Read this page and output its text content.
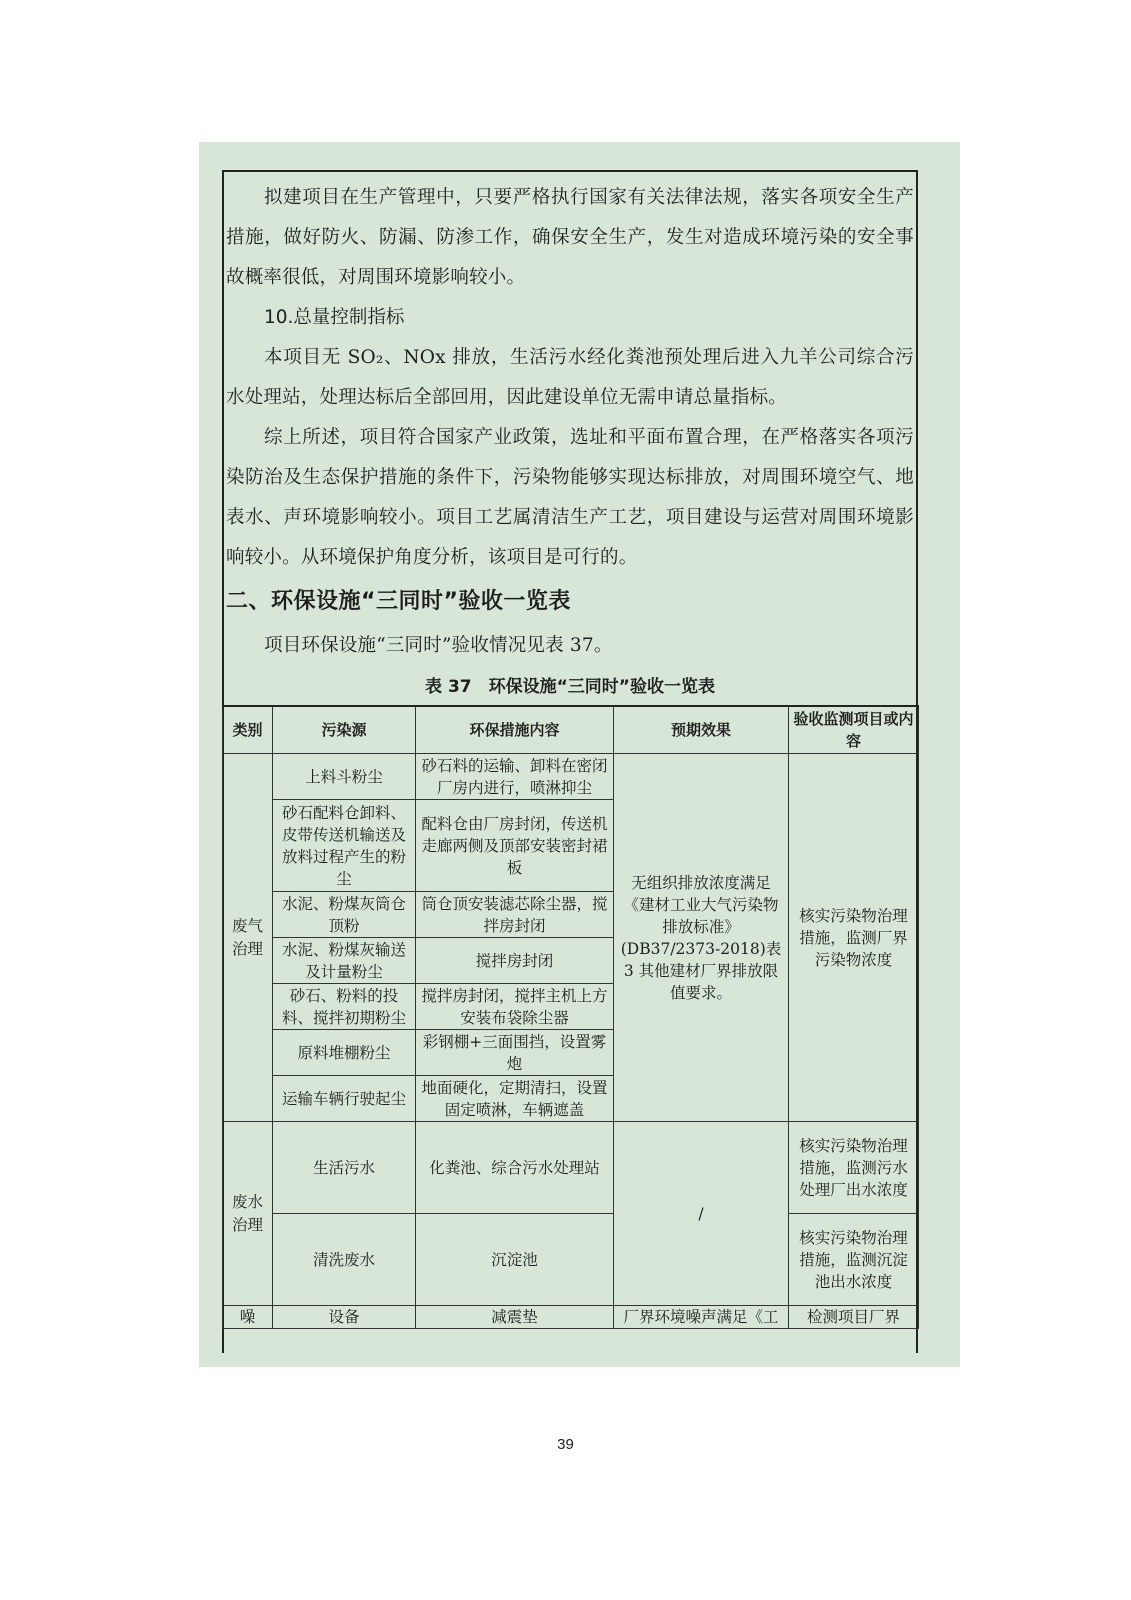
拟建项目在生产管理中，只要严格执行国家有关法律法规，落实各项安全生产措施，做好防火、防漏、防渗工作，确保安全生产，发生对造成环境污染的安全事故概率很低，对周围环境影响较小。

10.总量控制指标

本项目无 SO₂、NOx 排放，生活污水经化粪池预处理后进入九羊公司综合污水处理站，处理达标后全部回用，因此建设单位无需申请总量指标。

综上所述，项目符合国家产业政策，选址和平面布置合理，在严格落实各项污染防治及生态保护措施的条件下，污染物能够实现达标排放，对周围环境空气、地表水、声环境影响较小。项目工艺属清洁生产工艺，项目建设与运营对周围环境影响较小。从环境保护角度分析，该项目是可行的。

二、环保设施“三同时”验收一览表

项目环保设施“三同时”验收情况见表 37。

表 37　环保设施“三同时”验收一览表

类别	污染源	环保措施内容	预期效果	验收监测项目或内容
废气治理	上料斗粉尘	砂石料的运输、卸料在密闭厂房内进行，喷淋抑尘	无组织排放浓度满足《建材工业大气污染物排放标准》(DB37/2373-2018)表 3 其他建材厂界排放限值要求。	核实污染物治理措施，监测厂界污染物浓度
	砂石配料仓卸料、皮带传送机输送及放料过程产生的粉尘	配料仓由厂房封闭，传送机走廊两侧及顶部安装密封裙板		
	水泥、粉煤灰筒仓顶粉	筒仓顶安装滤芯除尘器，搅拌房封闭		
	水泥、粉煤灰输送及计量粉尘	搅拌房封闭		
	砂石、粉料的投料、搅拌初期粉尘	搅拌房封闭，搅拌主机上方安装布袋除尘器		
	原料堆棚粉尘	彩钢棚+三面围挡，设置雾炮		
	运输车辆行驶起尘	地面硬化，定期清扫，设置固定喷淋，车辆遮盖		
废水治理	生活污水	化粪池、综合污水处理站	/	核实污染物治理措施，监测污水处理厂出水浓度
	清洗废水	沉淀池		核实污染物治理措施，监测沉淀池出水浓度
噪	设备	减震垫	厂界环境噪声满足《工	检测项目厂界
39
